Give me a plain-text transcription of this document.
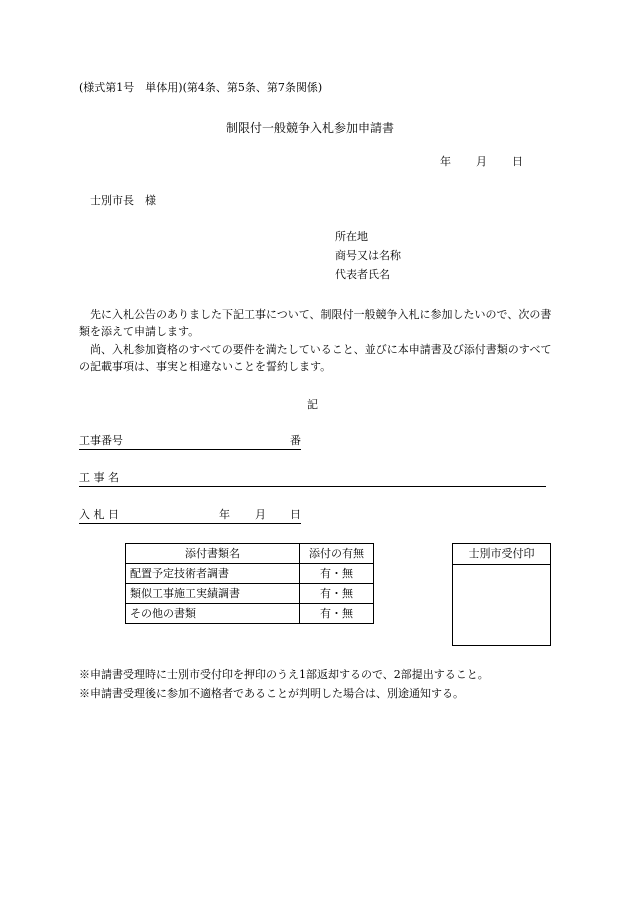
(様式第1号　単体用)(第4条、第5条、第7条関係)
制限付一般競争入札参加申請書
年 月 日
士別市長　様
所在地
商号又は名称
代表者氏名
　先に入札公告のありました下記工事について、制限付一般競争入札に参加したいので、次の書類を添えて申請します。
　尚、入札参加資格のすべての要件を満たしていること、並びに本申請書及び添付書類のすべての記載事項は、事実と相違ないことを誓約します。
記
工事番号	番
工 事 名
入 札 日	年 月 日
添付書類名	添付の有無
配置予定技術者調書	有・無
類似工事施工実績調書	有・無
その他の書類	有・無
士別市受付印
※申請書受理時に士別市受付印を押印のうえ1部返却するので、2部提出すること。
※申請書受理後に参加不適格者であることが判明した場合は、別途通知する。
